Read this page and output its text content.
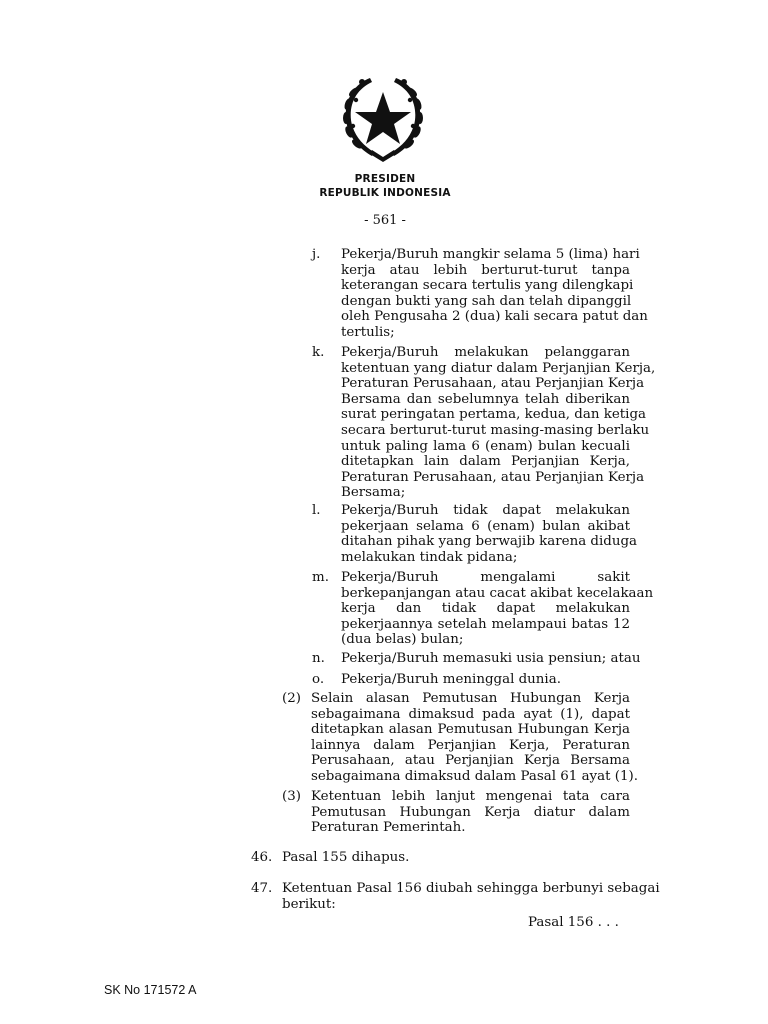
PRESIDEN
REPUBLIK INDONESIA
- 561 -
j. Pekerja/Buruh mangkir selama 5 (lima) hari
kerja atau lebih berturut-turut tanpa
keterangan secara tertulis yang dilengkapi
dengan bukti yang sah dan telah dipanggil
oleh Pengusaha 2 (dua) kali secara patut dan
tertulis;
k. Pekerja/Buruh melakukan pelanggaran
ketentuan yang diatur dalam Perjanjian Kerja,
Peraturan Perusahaan, atau Perjanjian Kerja
Bersama dan sebelumnya telah diberikan
surat peringatan pertama, kedua, dan ketiga
secara berturut-turut masing-masing berlaku
untuk paling lama 6 (enam) bulan kecuali
ditetapkan lain dalam Perjanjian Kerja,
Peraturan Perusahaan, atau Perjanjian Kerja
Bersama;
l. Pekerja/Buruh tidak dapat melakukan
pekerjaan selama 6 (enam) bulan akibat
ditahan pihak yang berwajib karena diduga
melakukan tindak pidana;
m. Pekerja/Buruh mengalami sakit
berkepanjangan atau cacat akibat kecelakaan
kerja dan tidak dapat melakukan
pekerjaannya setelah melampaui batas 12
(dua belas) bulan;
n. Pekerja/Buruh memasuki usia pensiun; atau
o. Pekerja/Buruh meninggal dunia.
(2) Selain alasan Pemutusan Hubungan Kerja
sebagaimana dimaksud pada ayat (1), dapat
ditetapkan alasan Pemutusan Hubungan Kerja
lainnya dalam Perjanjian Kerja, Peraturan
Perusahaan, atau Perjanjian Kerja Bersama
sebagaimana dimaksud dalam Pasal 61 ayat (1).
(3) Ketentuan lebih lanjut mengenai tata cara
Pemutusan Hubungan Kerja diatur dalam
Peraturan Pemerintah.
46. Pasal 155 dihapus.
47. Ketentuan Pasal 156 diubah sehingga berbunyi sebagai
berikut:
Pasal 156 . . .
SK No 171572 A
